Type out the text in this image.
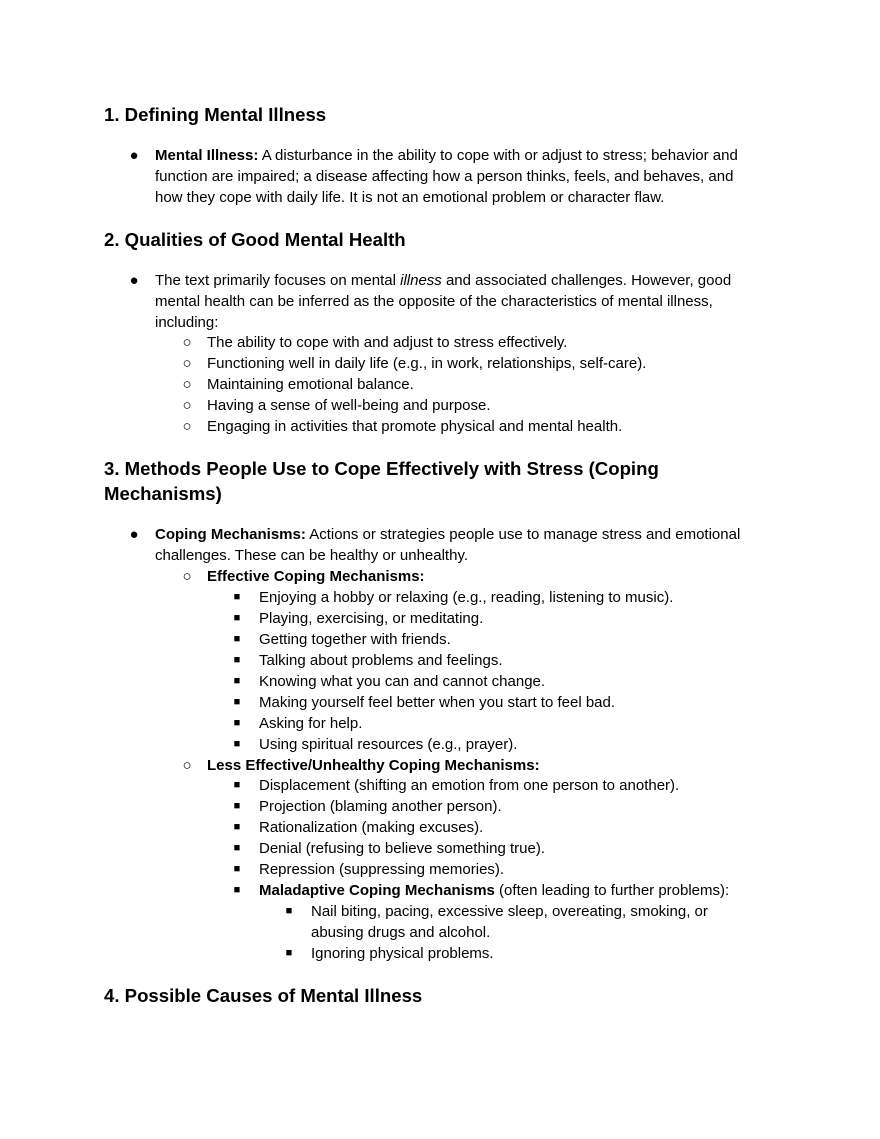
1. Defining Mental Illness
● Mental Illness: A disturbance in the ability to cope with or adjust to stress; behavior and

function are impaired; a disease affecting how a person thinks, feels, and behaves, and

how they cope with daily life. It is not an emotional problem or character flaw.

2. Qualities of Good Mental Health
● The text primarily focuses on mental illness and associated challenges. However, good

mental health can be inferred as the opposite of the characteristics of mental illness,

including:

○ The ability to cope with and adjust to stress effectively.

○ Functioning well in daily life (e.g., in work, relationships, self-care).

○ Maintaining emotional balance.

○ Having a sense of well-being and purpose.

○ Engaging in activities that promote physical and mental health.

3. Methods People Use to Cope Effectively with Stress (Coping
Mechanisms)
● Coping Mechanisms: Actions or strategies people use to manage stress and emotional

challenges. These can be healthy or unhealthy.

○ Effective Coping Mechanisms:

■ Enjoying a hobby or relaxing (e.g., reading, listening to music).

■ Playing, exercising, or meditating.

■ Getting together with friends.

■ Talking about problems and feelings.

■ Knowing what you can and cannot change.

■ Making yourself feel better when you start to feel bad.

■ Asking for help.

■ Using spiritual resources (e.g., prayer).

○ Less Effective/Unhealthy Coping Mechanisms:

■ Displacement (shifting an emotion from one person to another).

■ Projection (blaming another person).

■ Rationalization (making excuses).

■ Denial (refusing to believe something true).

■ Repression (suppressing memories).

■ Maladaptive Coping Mechanisms (often leading to further problems):

■ Nail biting, pacing, excessive sleep, overeating, smoking, or

abusing drugs and alcohol.

■ Ignoring physical problems.

4. Possible Causes of Mental Illness
